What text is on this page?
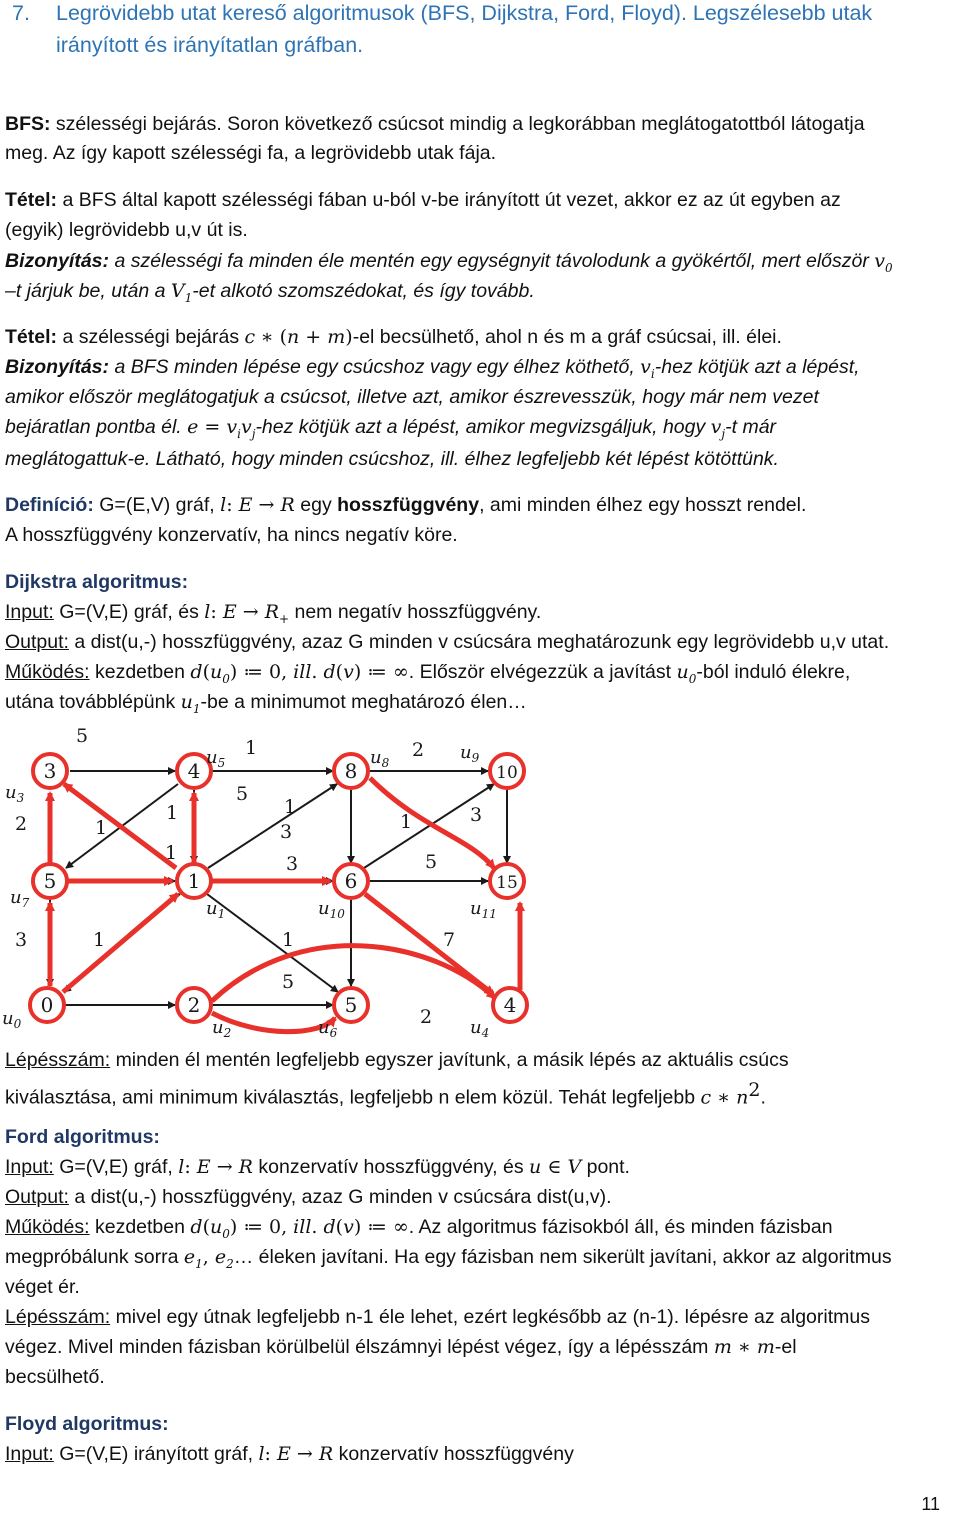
7. Legrövidebb utat kereső algoritmusok (BFS, Dijkstra, Ford, Floyd). Legszélesebb utak
irányított és irányítatlan gráfban.
BFS: szélességi bejárás. Soron következő csúcsot mindig a legkorábban meglátogatottból látogatja
meg. Az így kapott szélességi fa, a legrövidebb utak fája.
Tétel: a BFS által kapott szélességi fában u-ból v-be irányított út vezet, akkor ez az út egyben az
(egyik) legrövidebb u,v út is.
Bizonyítás: a szélességi fa minden éle mentén egy egységnyit távolodunk a gyökértől, mert először $v_0$
–t járjuk be, után a $V_1-et$ alkotó szomszédokat, és így tovább.
Tétel: a szélességi bejárás c ∗ (n + m)-el becsülhető, ahol n és m a gráf csúcsai, ill. élei.
Bizonyítás: a BFS minden lépése egy csúcshoz vagy egy élhez köthető, $v_i$-hez kötjük azt a lépést,
amikor először meglátogatjuk a csúcsot, illetve azt, amikor észrevesszük, hogy már nem vezet
bejáratlan pontba él. $e = v_iv_j$-hez kötjük azt a lépést, amikor megvizsgáljuk, hogy $v_j-t$ már
meglátogattuk-e. Látható, hogy minden csúcshoz, ill. élhez legfeljebb két lépést kötöttünk.
Definíció: G=(E,V) gráf, l: E → R egy hosszfüggvény, ami minden élhez egy hosszt rendel.
A hosszfüggvény konzervatív, ha nincs negatív köre.
Dijkstra algoritmus:
Input: G=(V,E) gráf, és l: $E \to R_+$ nem negatív hosszfüggvény.
Output: a dist(u,-) hosszfüggvény, azaz G minden v csúcsára meghatározunk egy legrövidebb u,v utat.
Működés: kezdetben $d(u_0)$ ≔ 0, ill. d(v) ≔ ∞. Először elvégezzük a javítást $u_0$-ból induló élekre,
utána továbblépünk $u_1-be$ a minimumot meghatározó élen…
0
1
2
3
4
4
5
5
8	10
6	15
5
2
5
1
1
2	1	3
3
1
3	5
1
3	1	1	7
5
1
2
$u_0$
$u_1$
$u_2$
$u_3$
$u_4$
$u_5$
$u_6$
$u_7$
$u_8$	$u_9$
$u_{10}$	$u_{11}$
Lépésszám: minden él mentén legfeljebb egyszer javítunk, a másik lépés az aktuális csúcs
kiválasztása, ami minimum kiválasztás, legfeljebb n elem közül. Tehát legfeljebb c ∗ $n^2$.
Ford algoritmus:
Input: G=(V,E) gráf, l: E → R konzervatív hosszfüggvény, és u ∈ V pont.
Output: a dist(u,-) hosszfüggvény, azaz G minden v csúcsára dist(u,v).
Működés: kezdetben $d(u_0)$ ≔ 0, ill. d(v) ≔ ∞. Az algoritmus fázisokból áll, és minden fázisban
megpróbálunk sorra $e_1$, $e_2\dots$ éleken javítani. Ha egy fázisban nem sikerült javítani, akkor az algoritmus
véget ér.
Lépésszám: mivel egy útnak legfeljebb n-1 éle lehet, ezért legkésőbb az (n-1). lépésre az algoritmus
végez. Mivel minden fázisban körülbelül élszámnyi lépést végez, így a lépésszám m ∗ m-el
becsülhető.
Floyd algoritmus:
Input: G=(V,E) irányított gráf, l: E → R konzervatív hosszfüggvény
11
